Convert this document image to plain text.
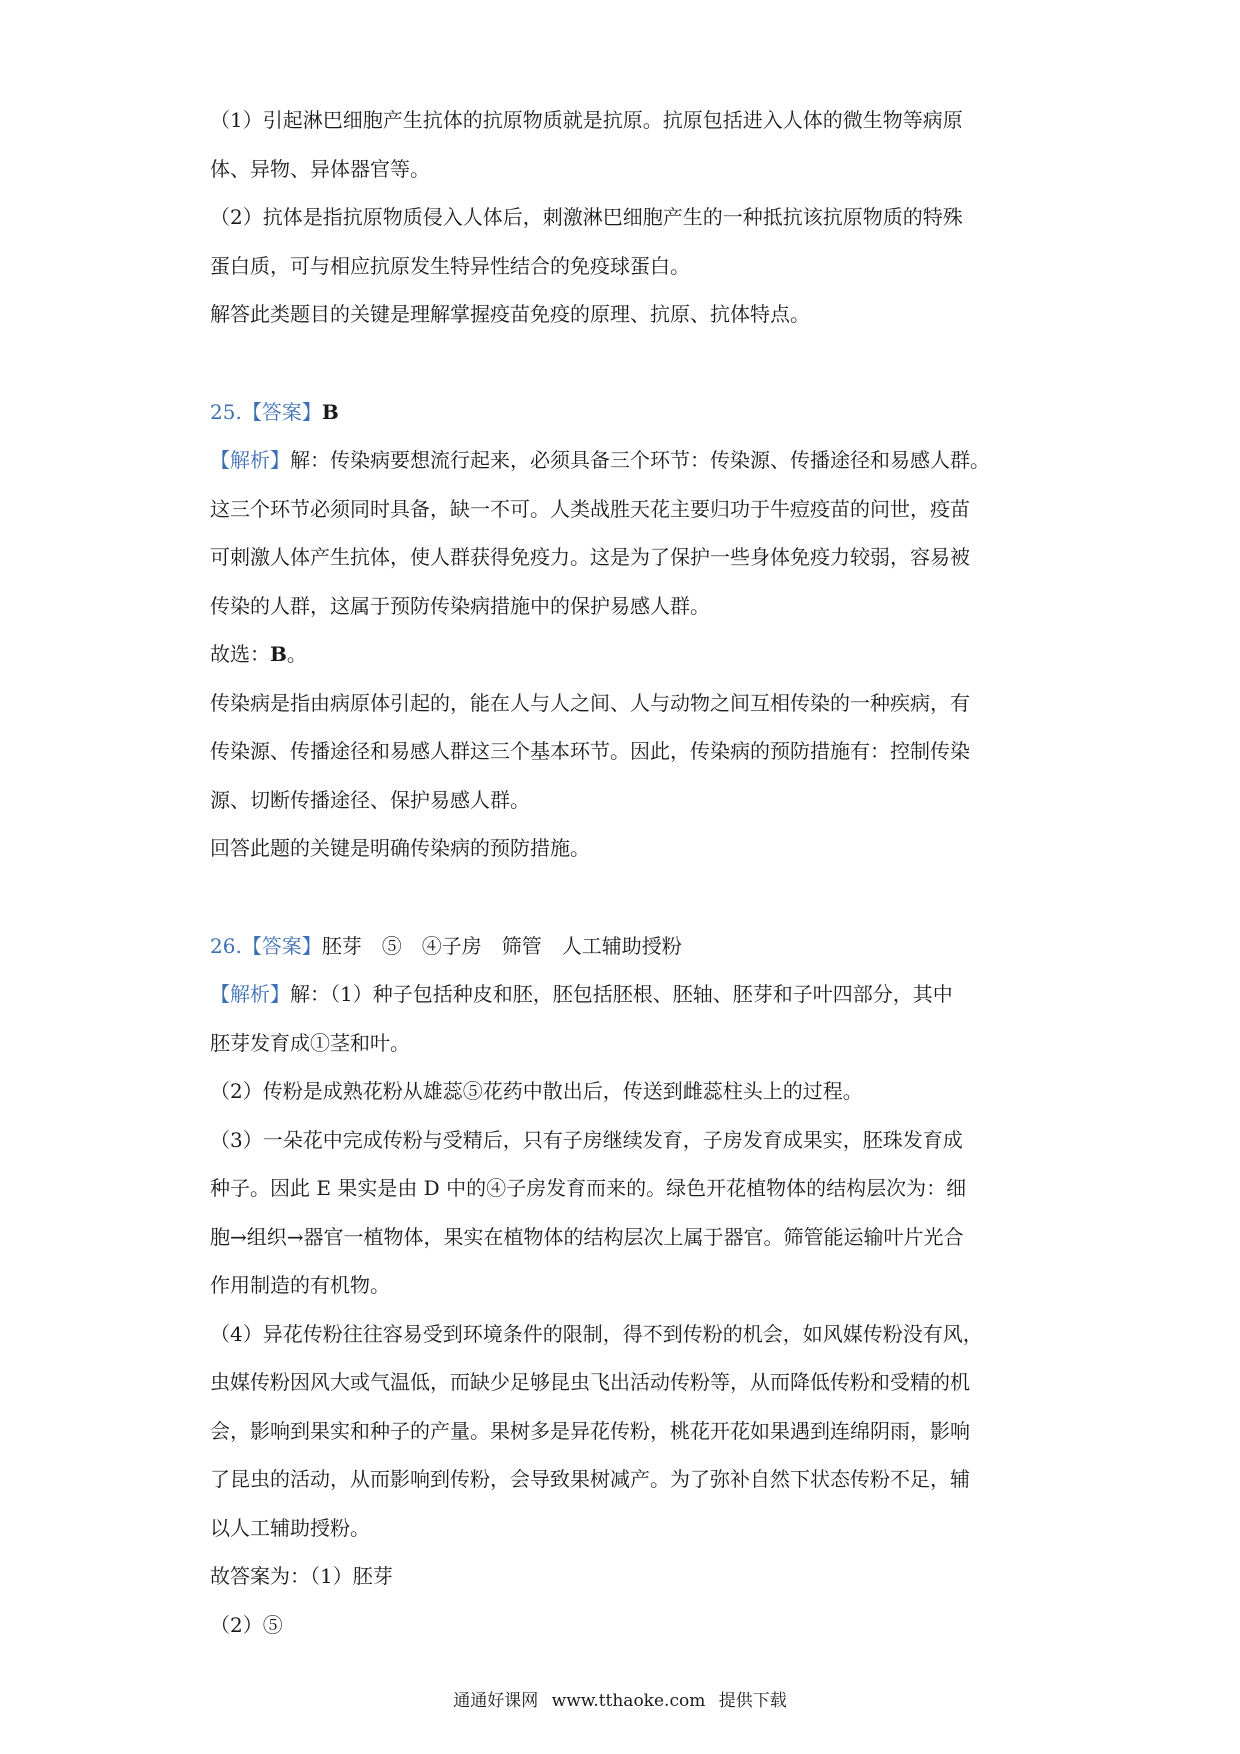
（1）引起淋巴细胞产生抗体的抗原物质就是抗原。抗原包括进入人体的微生物等病原

体、异物、异体器官等。

（2）抗体是指抗原物质侵入人体后，刺激淋巴细胞产生的一种抵抗该抗原物质的特殊

蛋白质，可与相应抗原发生特异性结合的免疫球蛋白。

解答此类题目的关键是理解掌握疫苗免疫的原理、抗原、抗体特点。

25.【答案】B

【解析】解：传染病要想流行起来，必须具备三个环节：传染源、传播途径和易感人群。

这三个环节必须同时具备，缺一不可。人类战胜天花主要归功于牛痘疫苗的问世，疫苗

可刺激人体产生抗体，使人群获得免疫力。这是为了保护一些身体免疫力较弱，容易被

传染的人群，这属于预防传染病措施中的保护易感人群。

故选：B。

传染病是指由病原体引起的，能在人与人之间、人与动物之间互相传染的一种疾病，有

传染源、传播途径和易感人群这三个基本环节。因此，传染病的预防措施有：控制传染

源、切断传播途径、保护易感人群。

回答此题的关键是明确传染病的预防措施。

26.【答案】胚芽　⑤　④子房　筛管　人工辅助授粉

【解析】解：（1）种子包括种皮和胚，胚包括胚根、胚轴、胚芽和子叶四部分，其中

胚芽发育成①茎和叶。

（2）传粉是成熟花粉从雄蕊⑤花药中散出后，传送到雌蕊柱头上的过程。

（3）一朵花中完成传粉与受精后，只有子房继续发育，子房发育成果实，胚珠发育成

种子。因此 E 果实是由 D 中的④子房发育而来的。绿色开花植物体的结构层次为：细

胞→组织→器官一植物体，果实在植物体的结构层次上属于器官。筛管能运输叶片光合

作用制造的有机物。

（4）异花传粉往往容易受到环境条件的限制，得不到传粉的机会，如风媒传粉没有风，

虫媒传粉因风大或气温低，而缺少足够昆虫飞出活动传粉等，从而降低传粉和受精的机

会，影响到果实和种子的产量。果树多是异花传粉，桃花开花如果遇到连绵阴雨，影响

了昆虫的活动，从而影响到传粉，会导致果树减产。为了弥补自然下状态传粉不足，辅

以人工辅助授粉。

故答案为：（1）胚芽

（2）⑤

通通好课网 www.tthaoke.com 提供下载
